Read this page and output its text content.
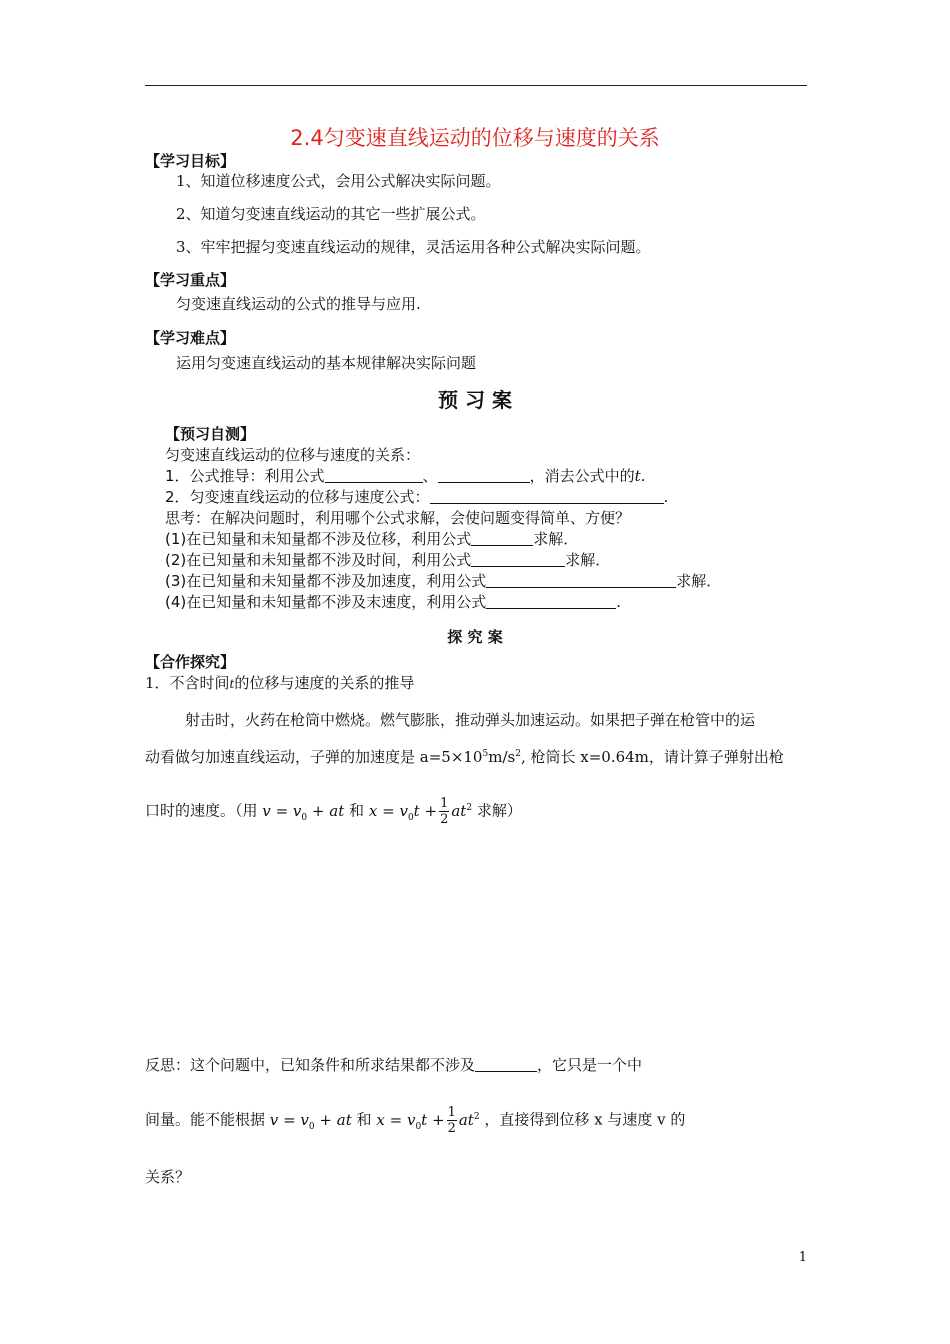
2.4匀变速直线运动的位移与速度的关系
【学习目标】
1、知道位移速度公式，会用公式解决实际问题。
2、知道匀变速直线运动的其它一些扩展公式。
3、牢牢把握匀变速直线运动的规律，灵活运用各种公式解决实际问题。
【学习重点】
匀变速直线运动的公式的推导与应用.
【学习难点】
运用匀变速直线运动的基本规律解决实际问题
预 习 案
【预习自测】
匀变速直线运动的位移与速度的关系：
1．公式推导：利用公式	、	，消去公式中的t.
2．匀变速直线运动的位移与速度公式：	.
思考：在解决问题时，利用哪个公式求解，会使问题变得简单、方便？
(1)在已知量和未知量都不涉及位移，利用公式	求解．
(2)在已知量和未知量都不涉及时间，利用公式	求解．
(3)在已知量和未知量都不涉及加速度，利用公式	求解．
(4)在已知量和未知量都不涉及末速度，利用公式	.
探 究 案
【合作探究】
1．不含时间t的位移与速度的关系的推导
射击时，火药在枪筒中燃烧。燃气膨胀，推动弹头加速运动。如果把子弹在枪管中的运
动看做匀加速直线运动，子弹的加速度是 $a=5\times 10^5m/s^2$, 枪筒长 x=0.64m，请计算子弹射出枪
口时的速度。（用 $v = v_0$ + at 和 $x = v_0t + \frac{1}{2} at^2$ 求解）
反思：这个问题中，已知条件和所求结果都不涉及	，它只是一个中
间量。能不能根据 $v = v_0$ + at 和 $x = v_0t + \frac{1}{2} at^2$ ，直接得到位移 x 与速度 v 的
关系？
1
